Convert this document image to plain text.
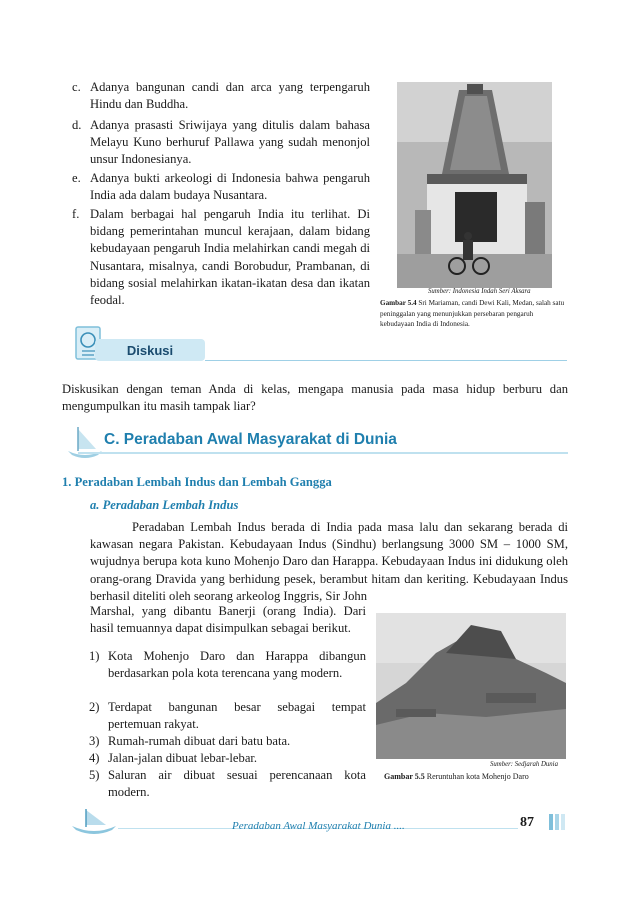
c. Adanya bangunan candi dan arca yang terpengaruh Hindu dan Buddha.
d. Adanya prasasti Sriwijaya yang ditulis dalam bahasa Melayu Kuno berhuruf Pallawa yang sudah menonjol unsur Indonesianya.
e. Adanya bukti arkeologi di Indonesia bahwa pengaruh India ada dalam budaya Nusantara.
f. Dalam berbagai hal pengaruh India itu terlihat. Di bidang pemerintahan muncul kerajaan, dalam bidang kebudayaan pengaruh India melahirkan candi megah di Nusantara, misalnya, candi Borobudur, Prambanan, di bidang sosial melahirkan ikatan-ikatan desa dan ikatan feodal.
Sumber: Indonesia Indah Seri Aksara
Gambar 5.4 Sri Mariaman, candi Dewi Kali, Medan, salah satu peninggalan yang menunjukkan persebaran pengaruh kebudayaan India di Indonesia.
Diskusi
Diskusikan dengan teman Anda di kelas, mengapa manusia pada masa hidup berburu dan mengumpulkan itu masih tampak liar?
C. Peradaban Awal Masyarakat di Dunia
1. Peradaban Lembah Indus dan Lembah Gangga
a. Peradaban Lembah Indus
Peradaban Lembah Indus berada di India pada masa lalu dan sekarang berada di kawasan negara Pakistan. Kebudayaan Indus (Sindhu) berlangsung 3000 SM – 1000 SM, wujudnya berupa kota kuno Mohenjo Daro dan Harappa. Kebudayaan Indus ini didukung oleh orang-orang Dravida yang berhidung pesek, berambut hitam dan keriting. Kebudayaan Indus berhasil diteliti oleh seorang arkeolog Inggris, Sir John
Marshal, yang dibantu Banerji (orang India). Dari hasil temuannya dapat disimpulkan sebagai berikut.
1) Kota Mohenjo Daro dan Harappa dibangun berdasarkan pola kota terencana yang modern.
2) Terdapat bangunan besar sebagai tempat pertemuan rakyat.
3) Rumah-rumah dibuat dari batu bata.
4) Jalan-jalan dibuat lebar-lebar.
5) Saluran air dibuat sesuai perencanaan kota modern.
Sumber: Sedjarah Dunia
Gambar 5.5 Reruntuhan kota Mohenjo Daro
Peradaban Awal Masyarakat Dunia ....	87
